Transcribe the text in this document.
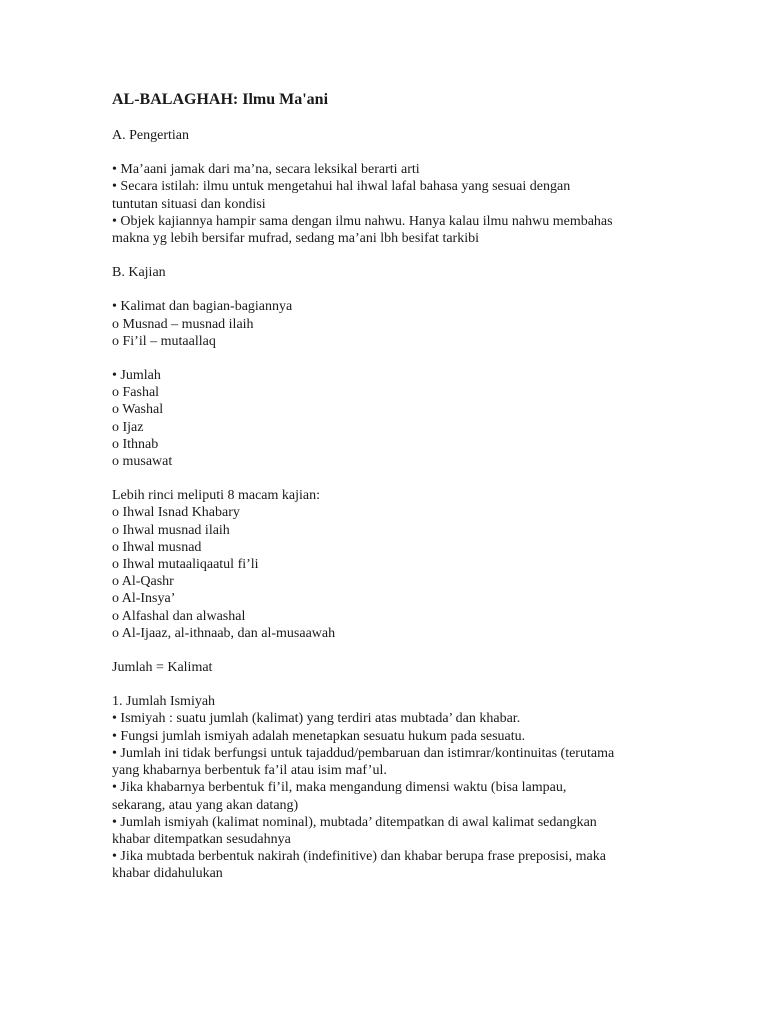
AL-BALAGHAH: Ilmu Ma'ani
A. Pengertian
• Ma’aani jamak dari ma’na, secara leksikal berarti arti
• Secara istilah: ilmu untuk mengetahui hal ihwal lafal bahasa yang sesuai dengan
tuntutan situasi dan kondisi
• Objek kajiannya hampir sama dengan ilmu nahwu. Hanya kalau ilmu nahwu membahas
makna yg lebih bersifar mufrad, sedang ma’ani lbh besifat tarkibi
B. Kajian
• Kalimat dan bagian-bagiannya
o Musnad – musnad ilaih
o Fi’il – mutaallaq
• Jumlah
o Fashal
o Washal
o Ijaz
o Ithnab
o musawat
Lebih rinci meliputi 8 macam kajian:
o Ihwal Isnad Khabary
o Ihwal musnad ilaih
o Ihwal musnad
o Ihwal mutaaliqaatul fi’li
o Al-Qashr
o Al-Insya’
o Alfashal dan alwashal
o Al-Ijaaz, al-ithnaab, dan al-musaawah
Jumlah = Kalimat
1. Jumlah Ismiyah
• Ismiyah : suatu jumlah (kalimat) yang terdiri atas mubtada’ dan khabar.
• Fungsi jumlah ismiyah adalah menetapkan sesuatu hukum pada sesuatu.
• Jumlah ini tidak berfungsi untuk tajaddud/pembaruan dan istimrar/kontinuitas (terutama
yang khabarnya berbentuk fa’il atau isim maf’ul.
• Jika khabarnya berbentuk fi’il, maka mengandung dimensi waktu (bisa lampau,
sekarang, atau yang akan datang)
• Jumlah ismiyah (kalimat nominal), mubtada’ ditempatkan di awal kalimat sedangkan
khabar ditempatkan sesudahnya
• Jika mubtada berbentuk nakirah (indefinitive) dan khabar berupa frase preposisi, maka
khabar didahulukan
